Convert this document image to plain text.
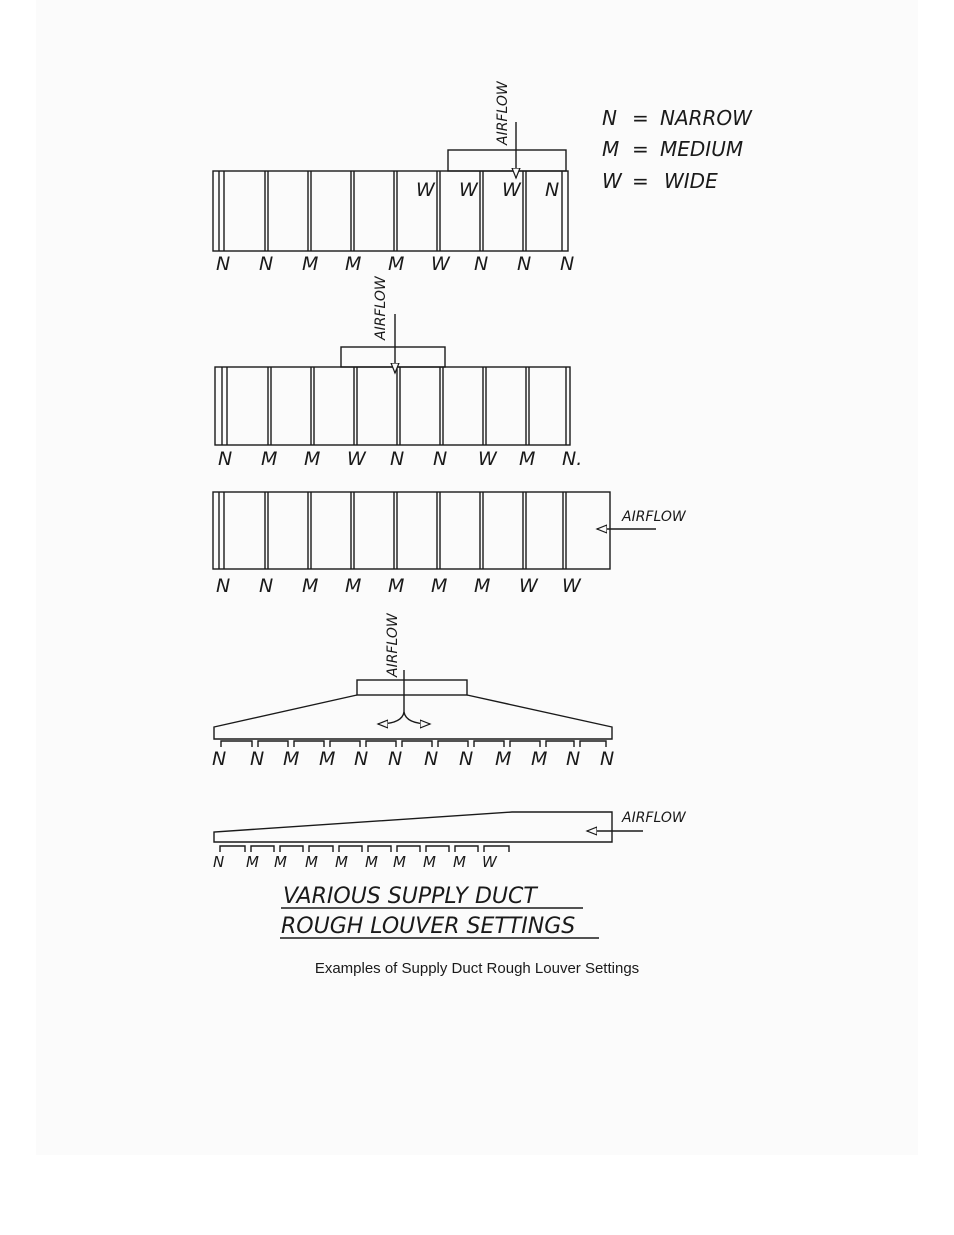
N = NARROW
M = MEDIUM
W = WIDE
AIRFLOW
W W W N
N N M M M W N N N
AIRFLOW
N M M W N N W M N.
AIRFLOW
N N M M M M M W W
AIRFLOW
N N M M N N N N M M N N
AIRFLOW
N M M M M M M M M W
VARIOUS SUPPLY DUCT
ROUGH LOUVER SETTINGS
Examples of Supply Duct Rough Louver Settings
